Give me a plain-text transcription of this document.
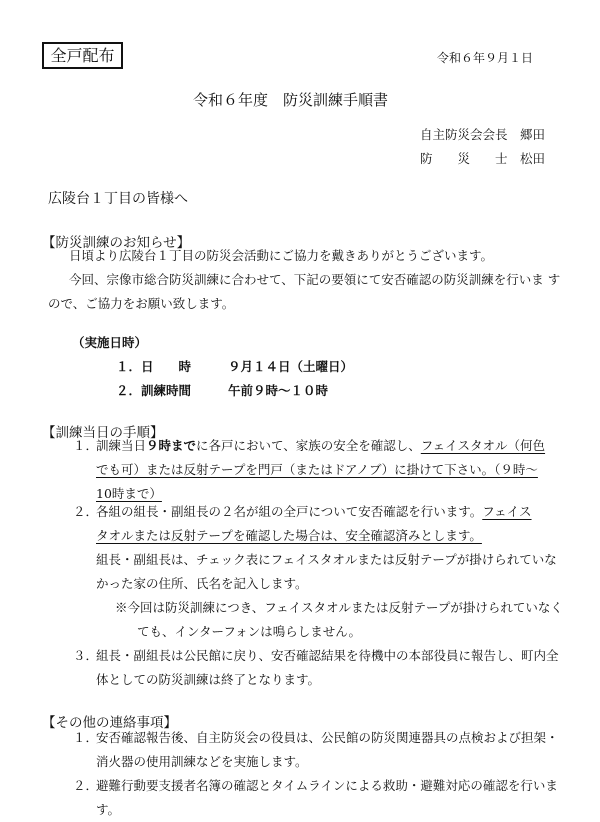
全戸配布	令和６年９月１日
令和６年度　防災訓練手順書
自主防災会会長　郷田
防　　災　　士　松田
広陵台１丁目の皆様へ
【防災訓練のお知らせ】
日頃より広陵台１丁目の防災会活動にご協力を戴きありがとうございます。
今回、宗像市総合防災訓練に合わせて、下記の要領にて安否確認の防災訓練を行いま す
ので、ご協力をお願い致します。
（実施日時）
１．日　　時	９月１４日（土曜日）
２．訓練時間	午前９時～１０時
【訓練当日の手順】
１．
訓練当日９時までに各戸において、家族の安全を確認し、フェイスタオル（何色
でも可）または反射テープを門戸（またはドアノブ）に掛けて下さい。（９時～
10時まで）
２．
各組の組長・副組長の２名が組の全戸について安否確認を行います。フェイス
タオルまたは反射テープを確認した場合は、安全確認済みとします。
組長・副組長は、チェック表にフェイスタオルまたは反射テープが掛けられていな
かった家の住所、氏名を記入します。
※今回は防災訓練につき、フェイスタオルまたは反射テープが掛けられていなく
ても、インターフォンは鳴らしません。
３．
組長・副組長は公民館に戻り、安否確認結果を待機中の本部役員に報告し、町内全
体としての防災訓練は終了となります。
【その他の連絡事項】
１．
安否確認報告後、自主防災会の役員は、公民館の防災関連器具の点検および担架・
消火器の使用訓練などを実施します。
２．
避難行動要支援者名簿の確認とタイムラインによる救助・避難対応の確認を行いま
す。
